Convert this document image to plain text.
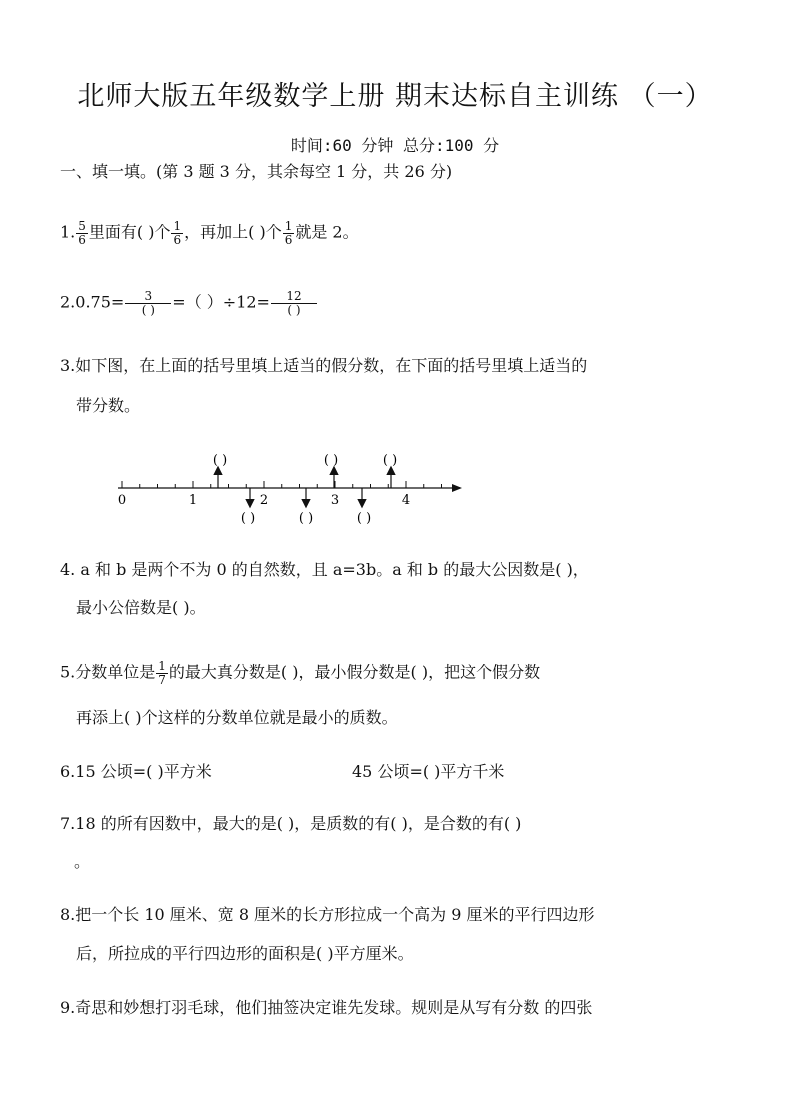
北师大版五年级数学上册 期末达标自主训练 （一）
时间:60 分钟 总分:100 分
一、填一填。(第 3 题 3 分，其余每空 1 分，共 26 分)
1. $\frac{5}{6}$ 里面有( )个 $\frac{1}{6}$ ，再加上( )个 $\frac{1}{6}$ 就是 2。
$2.0.75= \frac{3}{( )}$ =（ ）$\div 12= \frac{12}{( )}$
3.如下图，在上面的括号里填上适当的假分数，在下面的括号里填上适当的
带分数。
0	1	2	3	4
( )	( )	( )
( )	( )	( )
4. a 和 b 是两个不为 0 的自然数，且 a=3b。a 和 b 的最大公因数是( )，
最小公倍数是( )。
5.分数单位是 $\frac{1}{7}$ 的最大真分数是( )，最小假分数是( )，把这个假分数
再添上( )个这样的分数单位就是最小的质数。
6.15 公顷=( )平方米	45 公顷=( )平方千米
7.18 的所有因数中，最大的是( )，是质数的有( )，是合数的有( )
。
8.把一个长 10 厘米、宽 8 厘米的长方形拉成一个高为 9 厘米的平行四边形
后，所拉成的平行四边形的面积是( )平方厘米。
9.奇思和妙想打羽毛球，他们抽签决定谁先发球。规则是从写有分数 的四张
